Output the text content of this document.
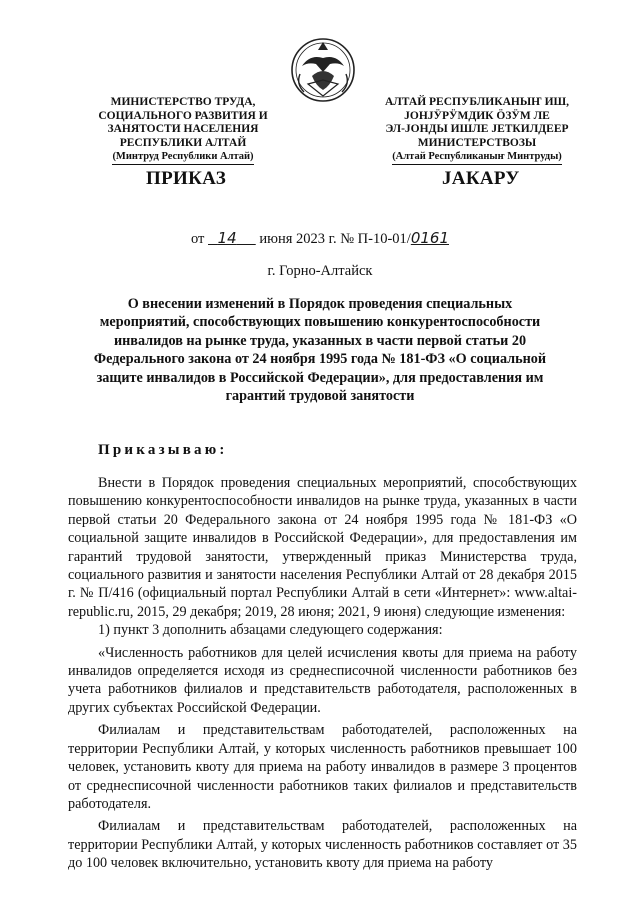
МИНИСТЕРСТВО ТРУДА,
СОЦИАЛЬНОГО РАЗВИТИЯ И
ЗАНЯТОСТИ НАСЕЛЕНИЯ
РЕСПУБЛИКИ АЛТАЙ
(Минтруд Республики Алтай)
АЛТАЙ РЕСПУБЛИКАНЫҤ ИШ,
ЈОНЈӰРӰМДИК ӦЗӰМ ЛЕ
ЭЛ-ЈОНДЫ ИШЛЕ ЈЕТКИЛДЕЕР
МИНИСТЕРСТВОЗЫ
(Алтай Республиканыҥ Минтруды)
ПРИКАЗ	ЈАКАРУ
от 14 июня 2023 г. № П-10-01/0161
г. Горно-Алтайск
О внесении изменений в Порядок проведения специальных мероприятий, способствующих повышению конкурентоспособности инвалидов на рынке труда, указанных в части первой статьи 20 Федерального закона от 24 ноября 1995 года № 181-ФЗ «О социальной защите инвалидов в Российской Федерации», для предоставления им гарантий трудовой занятости
Приказываю:

Внести в Порядок проведения специальных мероприятий, способствующих повышению конкурентоспособности инвалидов на рынке труда, указанных в части первой статьи 20 Федерального закона от 24 ноября 1995 года № 181-ФЗ «О социальной защите инвалидов в Российской Федерации», для предоставления им гарантий трудовой занятости, утвержденный приказ Министерства труда, социального развития и занятости населения Республики Алтай от 28 декабря 2015 г. № П/416 (официальный портал Республики Алтай в сети «Интернет»: www.altai-republic.ru, 2015, 29 декабря; 2019, 28 июня; 2021, 9 июня) следующие изменения:

1) пункт 3 дополнить абзацами следующего содержания:

«Численность работников для целей исчисления квоты для приема на работу инвалидов определяется исходя из среднесписочной численности работников без учета работников филиалов и представительств работодателя, расположенных в других субъектах Российской Федерации.

Филиалам и представительствам работодателей, расположенных на территории Республики Алтай, у которых численность работников превышает 100 человек, установить квоту для приема на работу инвалидов в размере 3 процентов от среднесписочной численности работников таких филиалов и представительств работодателя.

Филиалам и представительствам работодателей, расположенных на территории Республики Алтай, у которых численность работников составляет от 35 до 100 человек включительно, установить квоту для приема на работу
